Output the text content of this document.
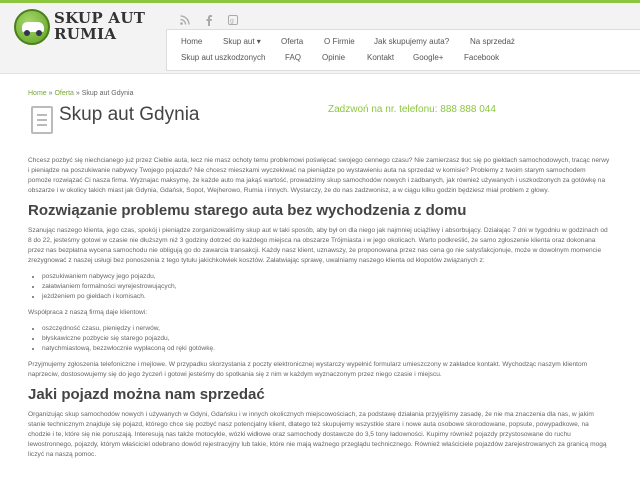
SKUP AUT
RUMIA
g
Home	Skup aut ▾	Oferta	O Firmie Jak skupujemy auta?	Na sprzedaż
Skup aut uszkodzonych FAQ	Opinie	Kontakt Google+	Facebook
Home » Oferta » Skup aut Gdynia
Skup aut Gdynia	Zadzwoń na nr. telefonu: 888 888 044

Chcesz pozbyć się niechcianego już przez Ciebie auta, lecz nie masz ochoty temu problemowi poświęcać swojego cennego czasu? Nie zamierzasz tłuc się po giełdach samochodowych, tracąc nerwy i pieniądze na poszukiwanie nabywcy Twojego pojazdu? Nie chcesz mieszkami wyczekiwać na pieniądze po wystawieniu auta na sprzedaż w komisie? Problemy z twoim starym samochodem pomoże rozwiązać Ci nasza firma. Wyznajac maksymę, że każde auto ma jakąś wartość, prowadzimy skup samochodów nowych i zadbanych, jak również używanych i uszkodzonych za gotówkę na obszarze i w okolicy takich miast jak Gdynia, Gdańsk, Sopot, Wejherowo, Rumia i innych. Wystarczy, że do nas zadzwonisz, a w ciągu kilku godzin będziesz miał problem z głowy.

Rozwiązanie problemu starego auta bez wychodzenia z domu

Szanując naszego klienta, jego czas, spokój i pieniądze zorganizowaliśmy skup aut w taki sposób, aby był on dla niego jak najmniej uciążliwy i absorbujący. Działając 7 dni w tygodniu w godzinach od 8 do 22, jesteśmy gotowi w czasie nie dłuższym niż 3 godziny dotrzeć do każdego miejsca na obszarze Trójmiasta i w jego okolicach. Warto podkreślić, że samo zgłoszenie klienta oraz dokonana przez nas bezpłatna wycena samochodu nie obligują go do zawarcia transakcji. Każdy nasz klient, uznawszy, że proponowana przez nas cena go nie satysfakcjonuje, może w dowolnym momencie zrezygnować z naszej usługi bez ponoszenia z tego tytułu jakichkolwiek kosztów. Załatwiając sprawę, uwalniamy naszego klienta od kłopotów związanych z:

• poszukiwaniem nabywcy jego pojazdu,
• załatwianiem formalności wyrejestrowujących,
• jeżdżeniem po giełdach i komisach.

Współpraca z naszą firmą daje klientowi:

• oszczędność czasu, pieniędzy i nerwów,
• błyskawiczne pozbycie się starego pojazdu,
• natychmiastową, bezzwłocznie wypłaconą od ręki gotówkę.

Przyjmujemy zgłoszenia telefoniczne i mejlowe. W przypadku skorzystania z poczty elektronicznej wystarczy wypełnić formularz umieszczony w zakładce kontakt. Wychodząc naszym klientom naprzeciw, dostosowujemy się do jego życzeń i gotowi jesteśmy do spotkania się z nim w każdym wyznaczonym przez niego czasie i miejscu.

Jaki pojazd można nam sprzedać

Organizując skup samochodów nowych i używanych w Gdyni, Gdańsku i w innych okolicznych miejscowościach, za podstawę działania przyjęliśmy zasadę, że nie ma znaczenia dla nas, w jakim stanie technicznym znajduje się pojazd, którego chce się pozbyć nasz potencjalny klient, dlatego też skupujemy wszystkie stare i nowe auta osobowe skorodowane, popsute, powypadkowe, na chodzie i te, które się nie poruszają. Interesują nas także motocykle, wózki widłowe oraz samochody dostawcze do 3,5 tony ładowności. Kupimy również pojazdy przystosowane do ruchu lewostronnego, pojazdy, którym właściciel odebrano dowód rejestracyjny lub takie, które nie mają ważnego przeglądu technicznego. Również właściciele pojazdów zarejestrowanych za granicą mogą liczyć na naszą pomoc.
